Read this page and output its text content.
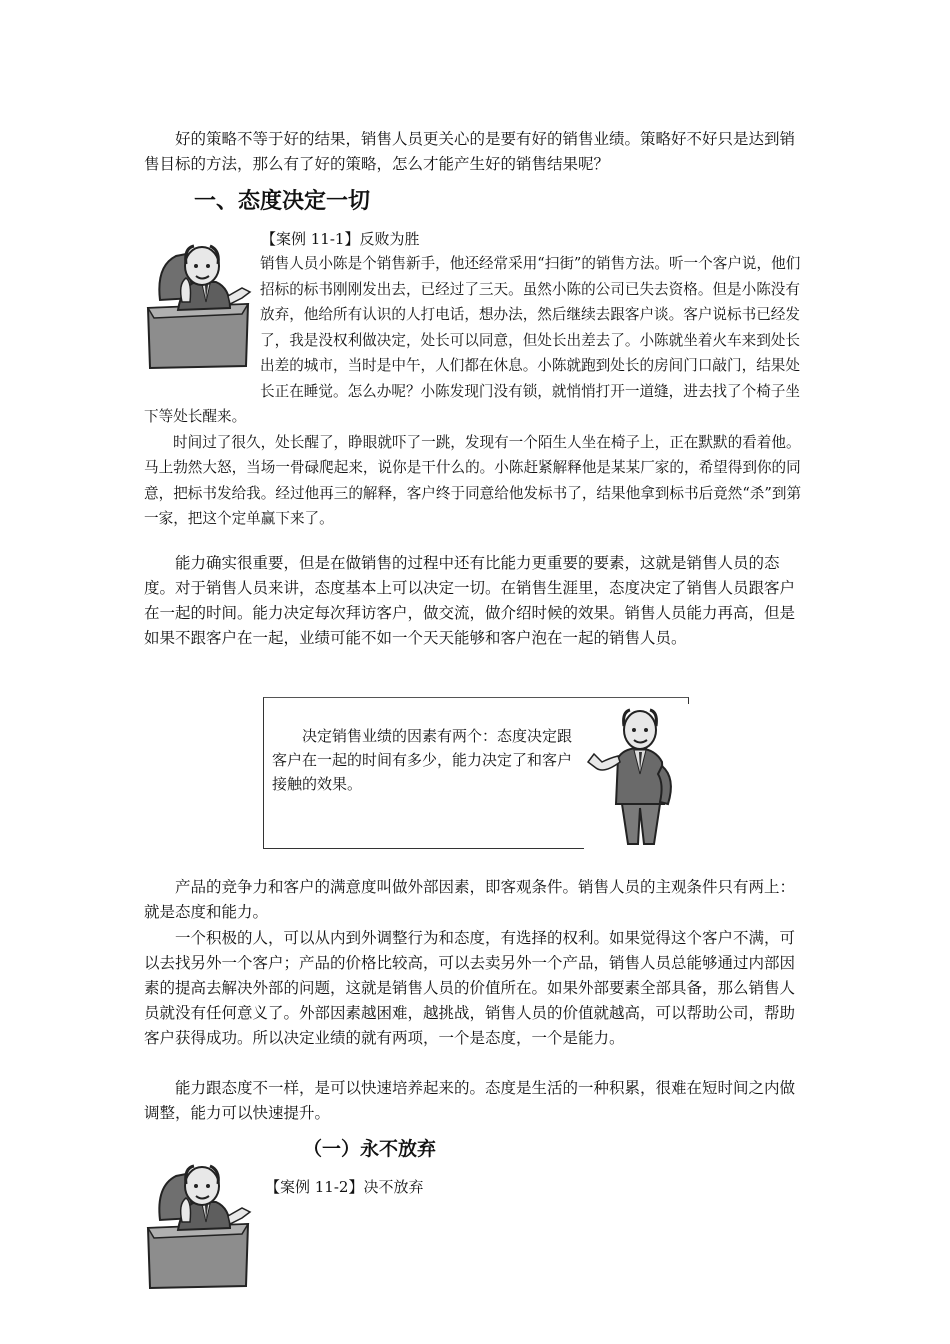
好的策略不等于好的结果，销售人员更关心的是要有好的销售业绩。策略好不好只是达到销售目标的方法，那么有了好的策略，怎么才能产生好的销售结果呢？

一、态度决定一切
【案例 11-1】反败为胜

销售人员小陈是个销售新手，他还经常采用“扫街”的销售方法。听一个客户说，他们招标的标书刚刚发出去，已经过了三天。虽然小陈的公司已失去资格。但是小陈没有放弃，他给所有认识的人打电话，想办法，然后继续去跟客户谈。客户说标书已经发了，我是没权利做决定，处长可以同意，但处长出差去了。小陈就坐着火车来到处长出差的城市，当时是中午，人们都在休息。小陈就跑到处长的房间门口敲门，结果处长正在睡觉。怎么办呢？小陈发现门没有锁，就悄悄打开一道缝，进去找了个椅子坐下等处长醒来。

时间过了很久，处长醒了，睁眼就吓了一跳，发现有一个陌生人坐在椅子上，正在默默的看着他。马上勃然大怒，当场一骨碌爬起来，说你是干什么的。小陈赶紧解释他是某某厂家的，希望得到你的同意，把标书发给我。经过他再三的解释，客户终于同意给他发标书了，结果他拿到标书后竟然“杀”到第一家，把这个定单赢下来了。

能力确实很重要，但是在做销售的过程中还有比能力更重要的要素，这就是销售人员的态度。对于销售人员来讲，态度基本上可以决定一切。在销售生涯里，态度决定了销售人员跟客户在一起的时间。能力决定每次拜访客户，做交流，做介绍时候的效果。销售人员能力再高，但是如果不跟客户在一起，业绩可能不如一个天天能够和客户泡在一起的销售人员。

决定销售业绩的因素有两个：态度决定跟客户在一起的时间有多少，能力决定了和客户接触的效果。

产品的竞争力和客户的满意度叫做外部因素，即客观条件。销售人员的主观条件只有两上：就是态度和能力。

一个积极的人，可以从内到外调整行为和态度，有选择的权利。如果觉得这个客户不满，可以去找另外一个客户；产品的价格比较高，可以去卖另外一个产品，销售人员总能够通过内部因素的提高去解决外部的问题，这就是销售人员的价值所在。如果外部要素全部具备，那么销售人员就没有任何意义了。外部因素越困难，越挑战，销售人员的价值就越高，可以帮助公司，帮助客户获得成功。所以决定业绩的就有两项，一个是态度，一个是能力。

能力跟态度不一样，是可以快速培养起来的。态度是生活的一种积累，很难在短时间之内做调整，能力可以快速提升。

（一）永不放弃
【案例 11-2】决不放弃
